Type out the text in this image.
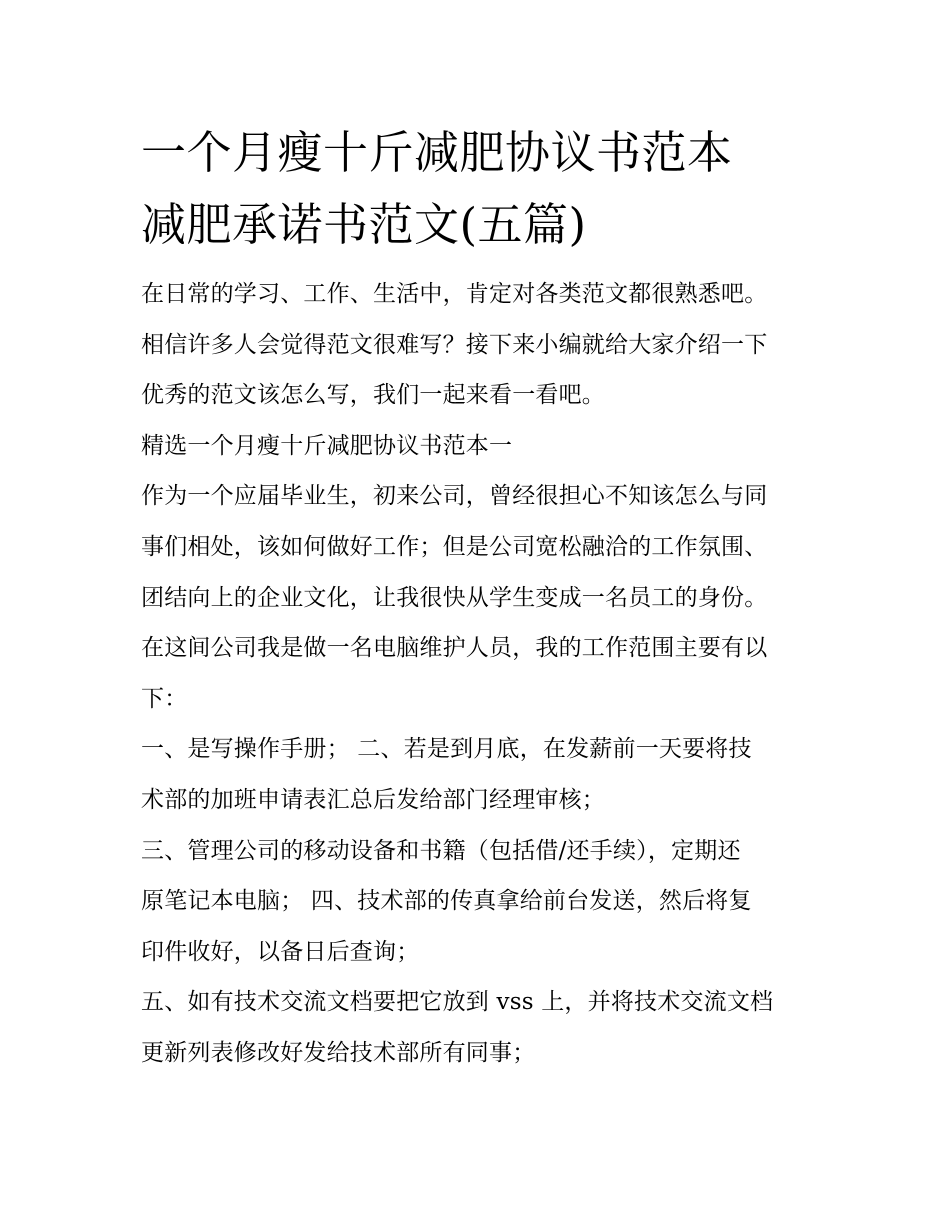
一个月瘦十斤减肥协议书范本
减肥承诺书范文(五篇)
在日常的学习、工作、生活中，肯定对各类范文都很熟悉吧。
相信许多人会觉得范文很难写？接下来小编就给大家介绍一下
优秀的范文该怎么写，我们一起来看一看吧。
精选一个月瘦十斤减肥协议书范本一
作为一个应届毕业生，初来公司，曾经很担心不知该怎么与同
事们相处，该如何做好工作；但是公司宽松融洽的工作氛围、
团结向上的企业文化，让我很快从学生变成一名员工的身份。
在这间公司我是做一名电脑维护人员，我的工作范围主要有以
下：
一、是写操作手册； 二、若是到月底，在发薪前一天要将技
术部的加班申请表汇总后发给部门经理审核；
三、管理公司的移动设备和书籍（包括借/还手续），定期还
原笔记本电脑； 四、技术部的传真拿给前台发送，然后将复
印件收好，以备日后查询；
五、如有技术交流文档要把它放到 vss 上，并将技术交流文档
更新列表修改好发给技术部所有同事；
